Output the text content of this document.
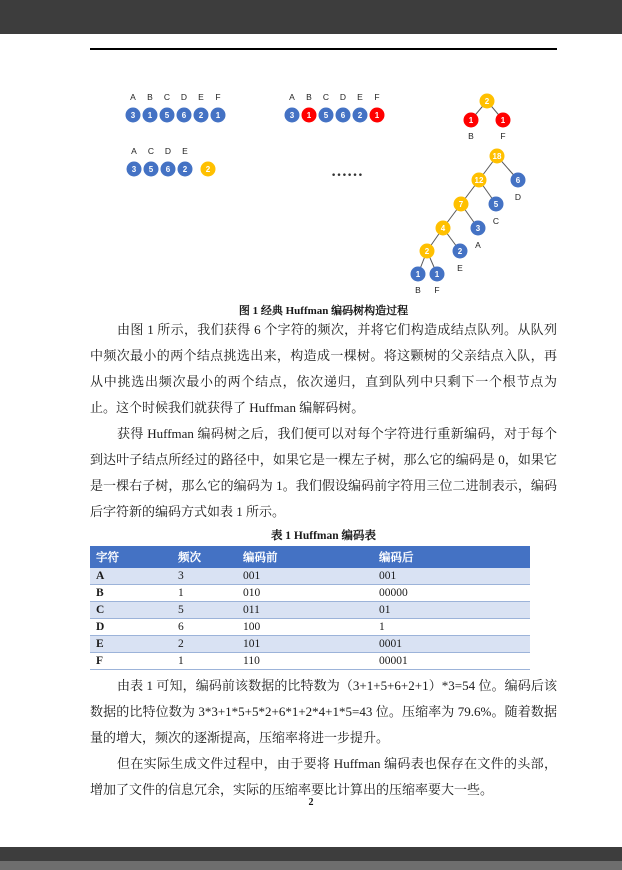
A B C D E F
3 1 5 6 2 1
A B C D E F
3 1 5 6 2 1
2
1
B
1
F
A C D E
3 5 6 2 2	……
18
12	6
D
7	5
C
4	3
A
2	2
E
1
B
1
F
图 1 经典 Huffman 编码树构造过程

由图 1 所示，我们获得 6 个字符的频次，并将它们构造成结点队列。从队列中频次最小的两个结点挑选出来，构造成一棵树。将这颗树的父亲结点入队，再从中挑选出频次最小的两个结点，依次递归，直到队列中只剩下一个根节点为止。这个时候我们就获得了 Huffman 编解码树。

获得 Huffman 编码树之后，我们便可以对每个字符进行重新编码，对于每个到达叶子结点所经过的路径中，如果它是一棵左子树，那么它的编码是 0，如果它是一棵右子树，那么它的编码为 1。我们假设编码前字符用三位二进制表示，编码后字符新的编码方式如表 1 所示。

表 1 Huffman 编码表
字符	频次	编码前	编码后
A	3	001	001
B	1	010	00000
C	5	011	01
D	6	100	1
E	2	101	0001
F	1	110	00001

由表 1 可知，编码前该数据的比特数为（3+1+5+6+2+1）*3=54 位。编码后该数据的比特位数为 3*3+1*5+5*2+6*1+2*4+1*5=43 位。压缩率为 79.6%。随着数据量的增大，频次的逐渐提高，压缩率将进一步提升。

但在实际生成文件过程中，由于要将 Huffman 编码表也保存在文件的头部，增加了文件的信息冗余，实际的压缩率要比计算出的压缩率要大一些。

2
